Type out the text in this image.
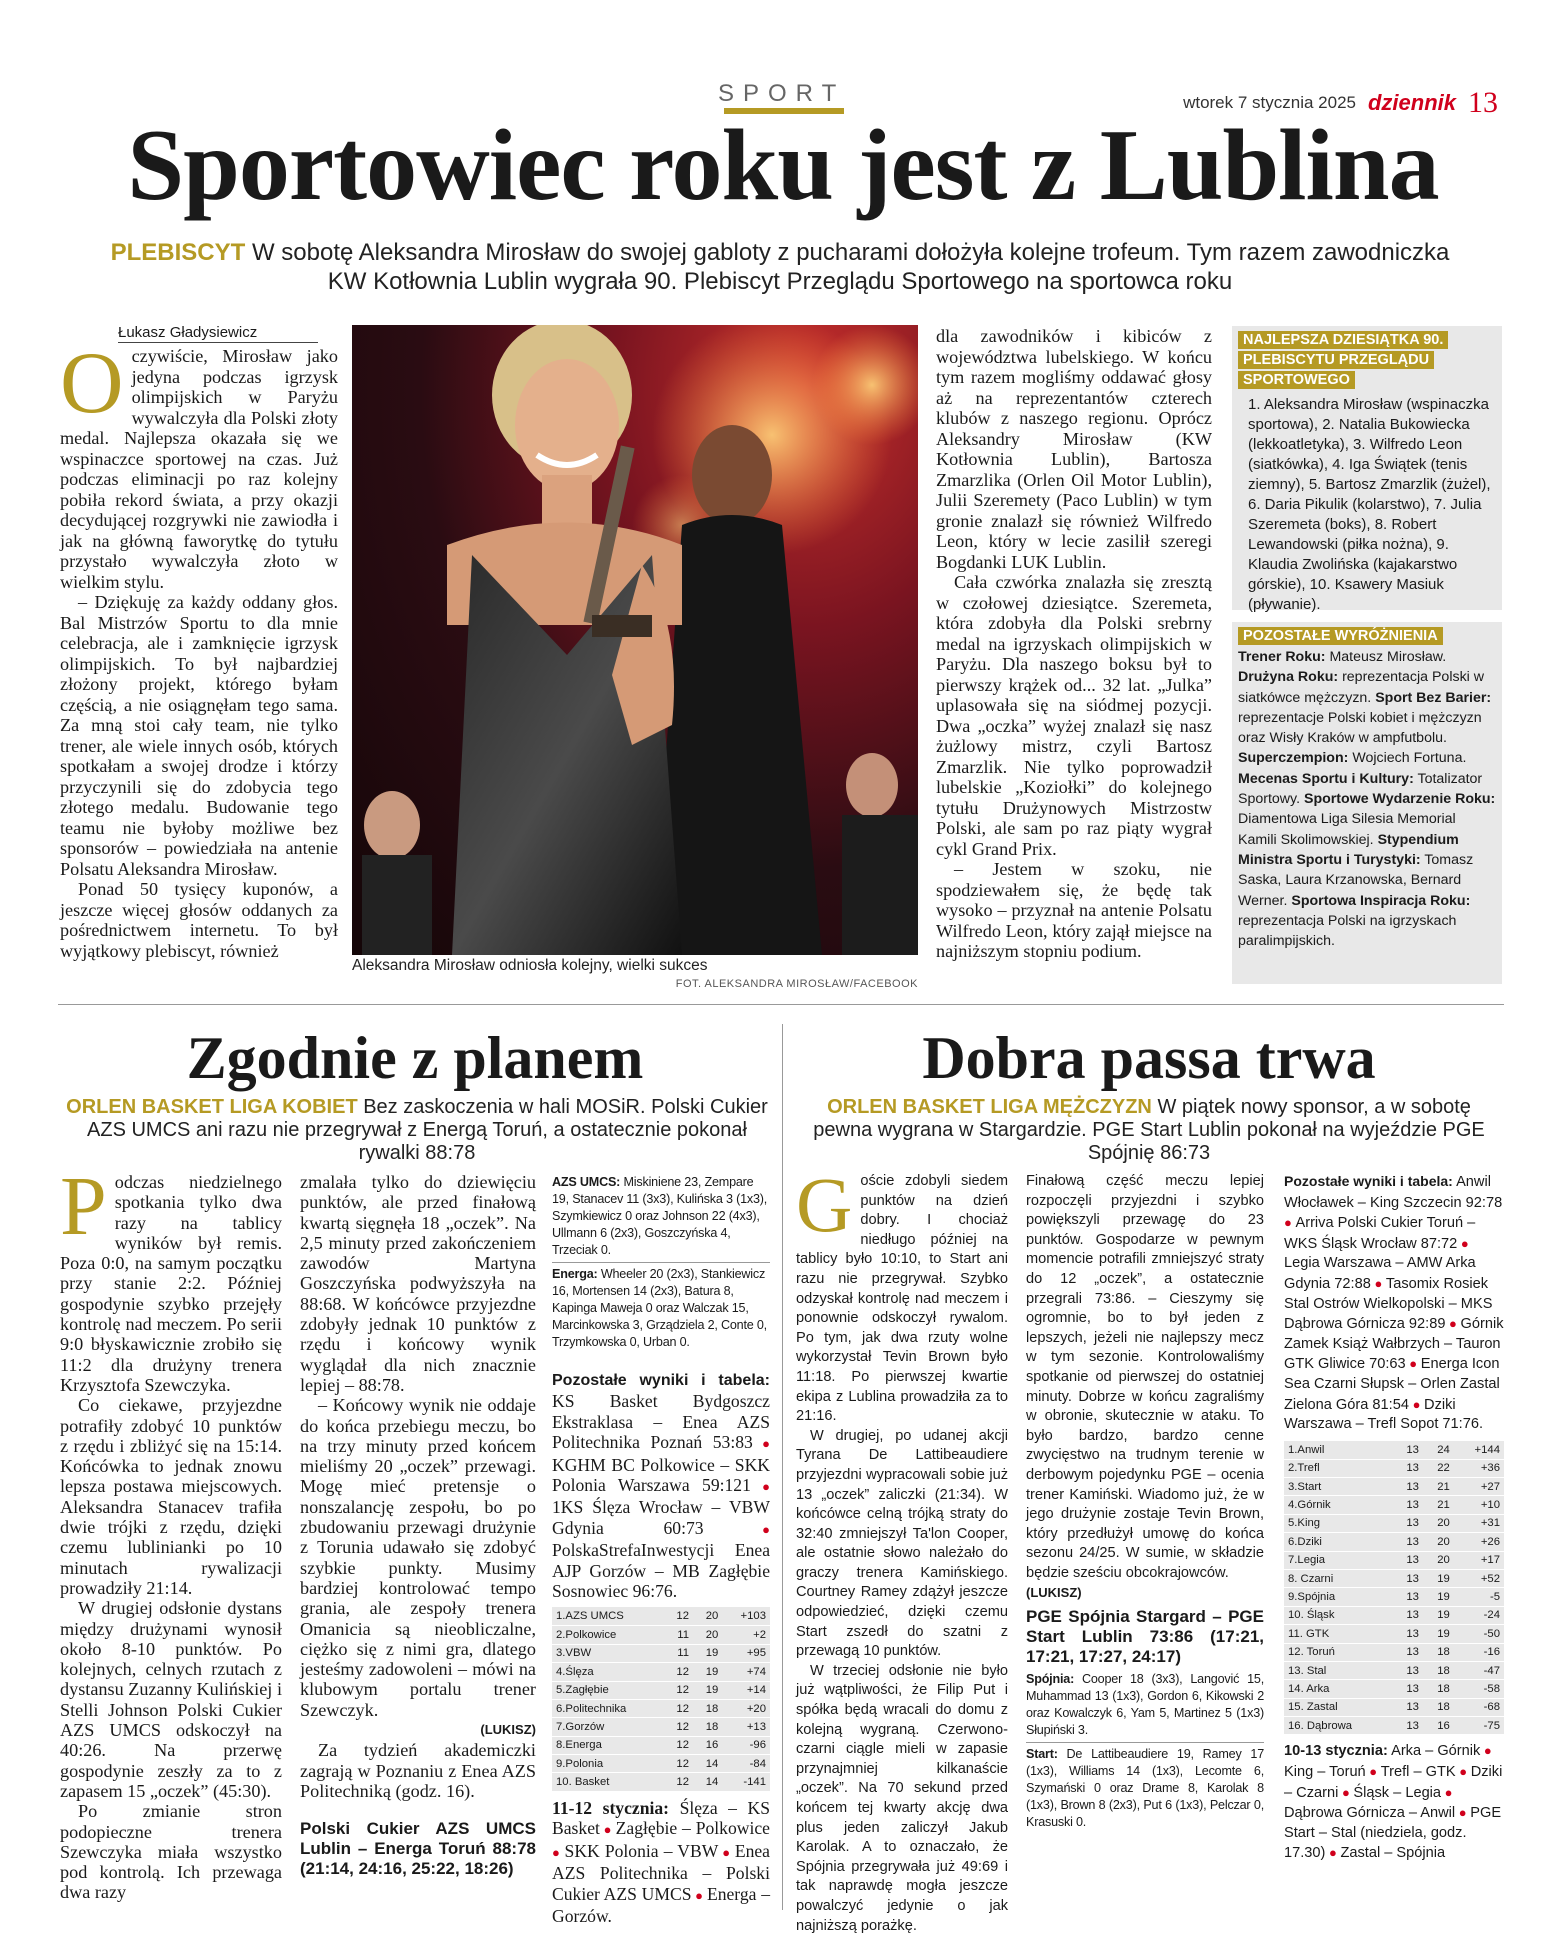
SPORT	wtorek 7 stycznia 2025 dziennik 13
Sportowiec roku jest z Lublina
PLEBISCYT W sobotę Aleksandra Mirosław do swojej gabloty z pucharami dołożyła kolejne trofeum. Tym razem zawodniczka
KW Kotłownia Lublin wygrała 90. Plebiscyt Przeglądu Sportowego na sportowca roku
Łukasz Gładysiewicz

Oczywiście, Mirosław jako jedyna podczas igrzysk olimpijskich w Paryżu wywalczyła dla Polski złoty medal. Najlepsza okazała się we wspinaczce sportowej na czas. Już podczas eliminacji po raz kolejny pobiła rekord świata, a przy okazji decydującej rozgrywki nie zawiodła i jak na główną faworytkę do tytułu przystało wywalczyła złoto w wielkim stylu.

– Dziękuję za każdy oddany głos. Bal Mistrzów Sportu to dla mnie celebracja, ale i zamknięcie igrzysk olimpijskich. To był najbardziej złożony projekt, którego byłam częścią, a nie osiągnęłam tego sama. Za mną stoi cały team, nie tylko trener, ale wiele innych osób, których spotkałam a swojej drodze i którzy przyczynili się do zdobycia tego złotego medalu. Budowanie tego teamu nie byłoby możliwe bez sponsorów – powiedziała na antenie Polsatu Aleksandra Mirosław.

Ponad 50 tysięcy kuponów, a jeszcze więcej głosów oddanych za pośrednictwem internetu. To był wyjątkowy plebiscyt, również

Aleksandra Mirosław odniosła kolejny, wielki sukces
FOT. ALEKSANDRA MIROSŁAW/FACEBOOK

dla zawodników i kibiców z województwa lubelskiego. W końcu tym razem mogliśmy oddawać głosy aż na reprezentantów czterech klubów z naszego regionu. Oprócz Aleksandry Mirosław (KW Kotłownia Lublin), Bartosza Zmarzlika (Orlen Oil Motor Lublin), Julii Szeremety (Paco Lublin) w tym gronie znalazł się również Wilfredo Leon, który w lecie zasilił szeregi Bogdanki LUK Lublin.

Cała czwórka znalazła się zresztą w czołowej dziesiątce. Szeremeta, która zdobyła dla Polski srebrny medal na igrzyskach olimpijskich w Paryżu. Dla naszego boksu był to pierwszy krążek od... 32 lat. „Julka” uplasowała się na siódmej pozycji. Dwa „oczka” wyżej znalazł się nasz żużlowy mistrz, czyli Bartosz Zmarzlik. Nie tylko poprowadził lubelskie „Koziołki” do kolejnego tytułu Drużynowych Mistrzostw Polski, ale sam po raz piąty wygrał cykl Grand Prix.

– Jestem w szoku, nie spodziewałem się, że będę tak wysoko – przyznał na antenie Polsatu Wilfredo Leon, który zajął miejsce na najniższym stopniu podium.

NAJLEPSZA DZIESIĄTKA 90. PLEBISCYTU PRZEGLĄDU SPORTOWEGO
1. Aleksandra Mirosław (wspinaczka sportowa), 2. Natalia Bukowiecka (lekkoatletyka), 3. Wilfredo Leon (siatkówka), 4. Iga Świątek (tenis ziemny), 5. Bartosz Zmarzlik (żużel), 6. Daria Pikulik (kolarstwo), 7. Julia Szeremeta (boks), 8. Robert Lewandowski (piłka nożna), 9. Klaudia Zwolińska (kajakarstwo górskie), 10. Ksawery Masiuk (pływanie).
POZOSTAŁE WYRÓŻNIENIA
Trener Roku: Mateusz Mirosław. Drużyna Roku: reprezentacja Polski w siatkówce mężczyzn. Sport Bez Barier: reprezentacje Polski kobiet i mężczyzn oraz Wisły Kraków w ampfutbolu. Superczempion: Wojciech Fortuna. Mecenas Sportu i Kultury: Totalizator Sportowy. Sportowe Wydarzenie Roku: Diamentowa Liga Silesia Memorial Kamili Skolimowskiej. Stypendium Ministra Sportu i Turystyki: Tomasz Saska, Laura Krzanowska, Bernard Werner. Sportowa Inspiracja Roku: reprezentacja Polski na igrzyskach paralimpijskich.
Zgodnie z planem
ORLEN BASKET LIGA KOBIET Bez zaskoczenia w hali MOSiR. Polski Cukier AZS UMCS ani razu nie przegrywał z Energą Toruń, a ostatecznie pokonał rywalki 88:78

Podczas niedzielnego spotkania tylko dwa razy na tablicy wyników był remis. Poza 0:0, na samym początku przy stanie 2:2. Później gospodynie szybko przejęły kontrolę nad meczem. Po serii 9:0 błyskawicznie zrobiło się 11:2 dla drużyny trenera Krzysztofa Szewczyka.

Co ciekawe, przyjezdne potrafiły zdobyć 10 punktów z rzędu i zbliżyć się na 15:14. Końcówka to jednak znowu lepsza postawa miejscowych. Aleksandra Stanacev trafiła dwie trójki z rzędu, dzięki czemu lublinianki po 10 minutach rywalizacji prowadziły 21:14.

W drugiej odsłonie dystans między drużynami wynosił około 8-10 punktów. Po kolejnych, celnych rzutach z dystansu Zuzanny Kulińskiej i Stelli Johnson Polski Cukier AZS UMCS odskoczył na 40:26. Na przerwę gospodynie zeszły za to z zapasem 15 „oczek” (45:30).

Po zmianie stron podopieczne trenera Szewczyka miała wszystko pod kontrolą. Ich przewaga dwa razy

zmalała tylko do dziewięciu punktów, ale przed finałową kwartą sięgnęła 18 „oczek”. Na 2,5 minuty przed zakończeniem zawodów Martyna Goszczyńska podwyższyła na 88:68. W końcówce przyjezdne zdobyły jednak 10 punktów z rzędu i końcowy wynik wyglądał dla nich znacznie lepiej – 88:78.

– Końcowy wynik nie oddaje do końca przebiegu meczu, bo na trzy minuty przed końcem mieliśmy 20 „oczek” przewagi. Mogę mieć pretensje o nonszalancję zespołu, bo po zbudowaniu przewagi drużynie z Torunia udawało się zdobyć szybkie punkty. Musimy bardziej kontrolować tempo grania, ale zespoły trenera Omanicia są nieobliczalne, ciężko się z nimi gra, dlatego jesteśmy zadowoleni – mówi na klubowym portalu trener Szewczyk.

(LUKISZ)

Za tydzień akademiczki zagrają w Poznaniu z Enea AZS Politechniką (godz. 16).

Polski Cukier AZS UMCS Lublin – Energa Toruń 88:78 (21:14, 24:16, 25:22, 18:26)
AZS UMCS: Miskiniene 23, Zempare 19, Stanacev 11 (3x3), Kulińska 3 (1x3), Szymkiewicz 0 oraz Johnson 22 (4x3), Ullmann 6 (2x3), Goszczyńska 4, Trzeciak 0.
Energa: Wheeler 20 (2x3), Stankiewicz 16, Mortensen 14 (2x3), Batura 8, Kapinga Maweja 0 oraz Walczak 15, Marcinkowska 3, Grządziela 2, Conte 0, Trzymkowska 0, Urban 0.
Pozostałe wyniki i tabela: KS Basket Bydgoszcz Ekstraklasa – Enea AZS Politechnika Poznań 53:83 ● KGHM BC Polkowice – SKK Polonia Warszawa 59:121 ● 1KS Ślęza Wrocław – VBW Gdynia 60:73 ● PolskaStrefaInwestycji Enea AJP Gorzów – MB Zagłębie Sosnowiec 96:76.
1.AZS UMCS	12	20	+103
2.Polkowice	11	20	+2
3.VBW	11	19	+95
4.Ślęza	12	19	+74
5.Zagłębie	12	19	+14
6.Politechnika	12	18	+20
7.Gorzów	12	18	+13
8.Energa	12	16	-96
9.Polonia	12	14	-84
10. Basket	12	14	-141
11-12 stycznia: Ślęza – KS Basket ● Zagłębie – Polkowice ● SKK Polonia – VBW ● Enea AZS Politechnika – Polski Cukier AZS UMCS ● Energa – Gorzów.
Dobra passa trwa
ORLEN BASKET LIGA MĘŻCZYZN W piątek nowy sponsor, a w sobotę pewna wygrana w Stargardzie. PGE Start Lublin pokonał na wyjeździe PGE Spójnię 86:73

Goście zdobyli siedem punktów na dzień dobry. I chociaż niedługo później na tablicy było 10:10, to Start ani razu nie przegrywał. Szybko odzyskał kontrolę nad meczem i ponownie odskoczył rywalom. Po tym, jak dwa rzuty wolne wykorzystał Tevin Brown było 11:18. Po pierwszej kwartie ekipa z Lublina prowadziła za to 21:16.

W drugiej, po udanej akcji Tyrana De Lattibeaudiere przyjezdni wypracowali sobie już 13 „oczek” zaliczki (21:34). W końcówce celną trójką straty do 32:40 zmniejszył Ta'lon Cooper, ale ostatnie słowo należało do graczy trenera Kamińskiego. Courtney Ramey zdążył jeszcze odpowiedzieć, dzięki czemu Start zszedł do szatni z przewagą 10 punktów.

W trzeciej odsłonie nie było już wątpliwości, że Filip Put i spółka będą wracali do domu z kolejną wygraną. Czerwono-czarni ciągle mieli w zapasie przynajmniej kilkanaście „oczek”. Na 70 sekund przed końcem tej kwarty akcję dwa plus jeden zaliczył Jakub Karolak. A to oznaczało, że Spójnia przegrywała już 49:69 i tak naprawdę mogła jeszcze powalczyć jedynie o jak najniższą porażkę.

Finałową część meczu lepiej rozpoczęli przyjezdni i szybko powiększyli przewagę do 23 punktów. Gospodarze w pewnym momencie potrafili zmniejszyć straty do 12 „oczek”, a ostatecznie przegrali 73:86. – Cieszymy się ogromnie, bo to był jeden z lepszych, jeżeli nie najlepszy mecz w tym sezonie. Kontrolowaliśmy spotkanie od pierwszej do ostatniej minuty. Dobrze w końcu zagraliśmy w obronie, skutecznie w ataku. To było bardzo, bardzo cenne zwycięstwo na trudnym terenie w derbowym pojedynku PGE – ocenia trener Kamiński. Wiadomo już, że w jego drużynie zostaje Tevin Brown, który przedłużył umowę do końca sezonu 24/25. W sumie, w składzie będzie sześciu obcokrajowców.

(LUKISZ)
PGE Spójnia Stargard – PGE Start Lublin 73:86 (17:21, 17:21, 17:27, 24:17)
Spójnia: Cooper 18 (3x3), Langović 15, Muhammad 13 (1x3), Gordon 6, Kikowski 2 oraz Kowalczyk 6, Yam 5, Martinez 5 (1x3) Słupiński 3.
Start: De Lattibeaudiere 19, Ramey 17 (1x3), Williams 14 (1x3), Lecomte 6, Szymański 0 oraz Drame 8, Karolak 8 (1x3), Brown 8 (2x3), Put 6 (1x3), Pelczar 0, Krasuski 0.
Pozostałe wyniki i tabela: Anwil Włocławek – King Szczecin 92:78 ● Arriva Polski Cukier Toruń – WKS Śląsk Wrocław 87:72 ● Legia Warszawa – AMW Arka Gdynia 72:88 ● Tasomix Rosiek Stal Ostrów Wielkopolski – MKS Dąbrowa Górnicza 92:89 ● Górnik Zamek Książ Wałbrzych – Tauron GTK Gliwice 70:63 ● Energa Icon Sea Czarni Słupsk – Orlen Zastal Zielona Góra 81:54 ● Dziki Warszawa – Trefl Sopot 71:76.
1.Anwil	13	24	+144
2.Trefl	13	22	+36
3.Start	13	21	+27
4.Górnik	13	21	+10
5.King	13	20	+31
6.Dziki	13	20	+26
7.Legia	13	20	+17
8. Czarni	13	19	+52
9.Spójnia	13	19	-5
10. Śląsk	13	19	-24
11. GTK	13	19	-50
12. Toruń	13	18	-16
13. Stal	13	18	-47
14. Arka	13	18	-58
15. Zastal	13	18	-68
16. Dąbrowa	13	16	-75
10-13 stycznia: Arka – Górnik ● King – Toruń ● Trefl – GTK ● Dziki – Czarni ● Śląsk – Legia ● Dąbrowa Górnicza – Anwil ● PGE Start – Stal (niedziela, godz. 17.30) ● Zastal – Spójnia
